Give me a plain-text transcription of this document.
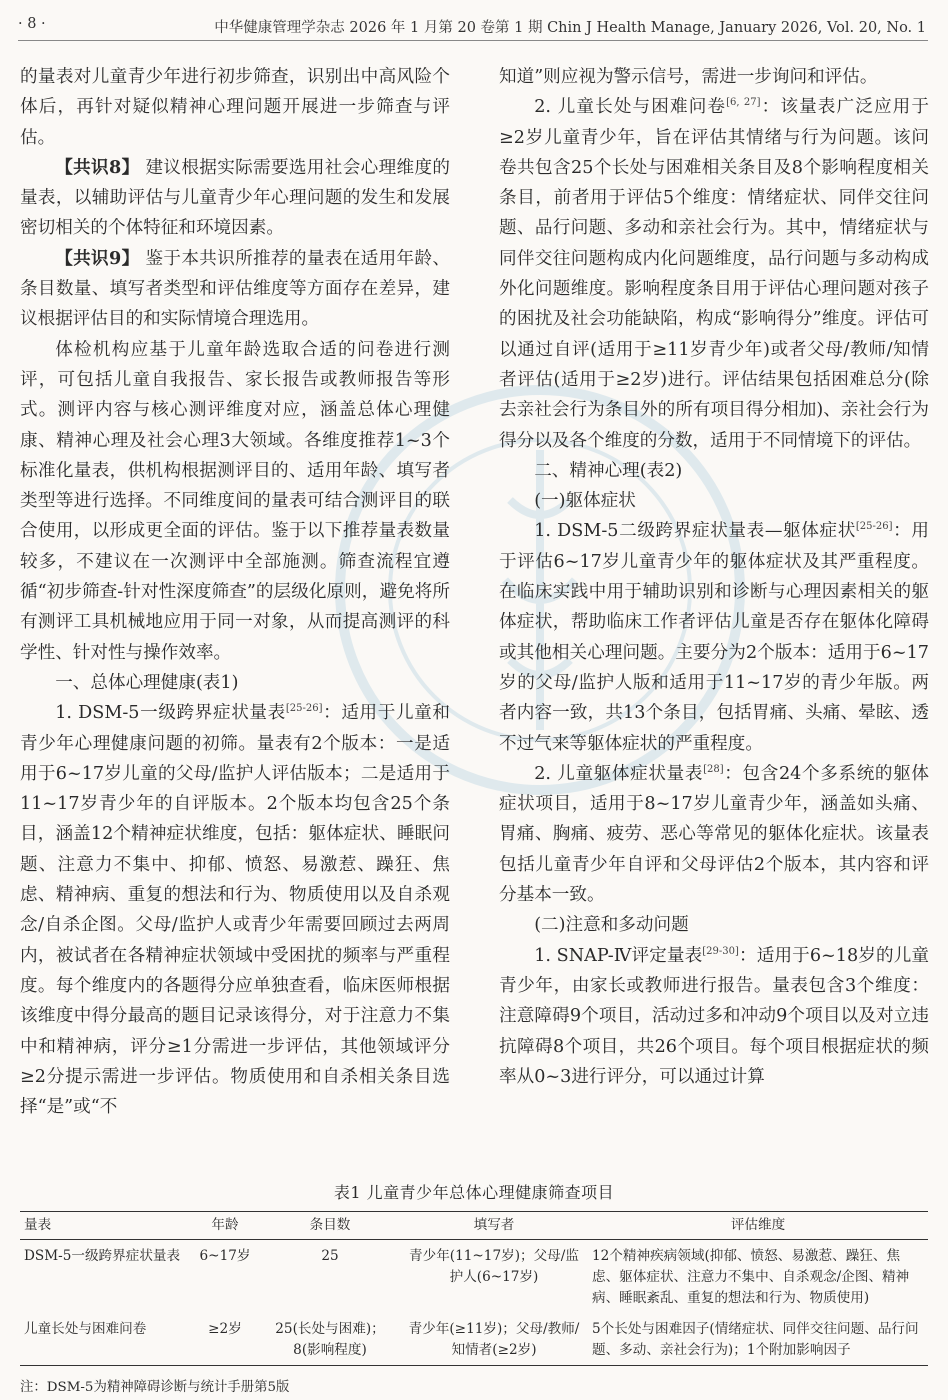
· 8 ·	中华健康管理学杂志 2026 年 1 月第 20 卷第 1 期 Chin J Health Manage, January 2026, Vol. 20, No. 1

的量表对儿童青少年进行初步筛查，识别出中高风险个体后，再针对疑似精神心理问题开展进一步筛查与评估。

【共识8】 建议根据实际需要选用社会心理维度的量表，以辅助评估与儿童青少年心理问题的发生和发展密切相关的个体特征和环境因素。

【共识9】 鉴于本共识所推荐的量表在适用年龄、条目数量、填写者类型和评估维度等方面存在差异，建议根据评估目的和实际情境合理选用。

体检机构应基于儿童年龄选取合适的问卷进行测评，可包括儿童自我报告、家长报告或教师报告等形式。测评内容与核心测评维度对应，涵盖总体心理健康、精神心理及社会心理3大领域。各维度推荐1~3个标准化量表，供机构根据测评目的、适用年龄、填写者类型等进行选择。不同维度间的量表可结合测评目的联合使用，以形成更全面的评估。鉴于以下推荐量表数量较多，不建议在一次测评中全部施测。筛查流程宜遵循“初步筛查-针对性深度筛查”的层级化原则，避免将所有测评工具机械地应用于同一对象，从而提高测评的科学性、针对性与操作效率。

一、总体心理健康(表1)

1. DSM-5一级跨界症状量表[25-26]：适用于儿童和青少年心理健康问题的初筛。量表有2个版本：一是适用于6~17岁儿童的父母/监护人评估版本；二是适用于11~17岁青少年的自评版本。2个版本均包含25个条目，涵盖12个精神症状维度，包括：躯体症状、睡眠问题、注意力不集中、抑郁、愤怒、易激惹、躁狂、焦虑、精神病、重复的想法和行为、物质使用以及自杀观念/自杀企图。父母/监护人或青少年需要回顾过去两周内，被试者在各精神症状领域中受困扰的频率与严重程度。每个维度内的各题得分应单独查看，临床医师根据该维度中得分最高的题目记录该得分，对于注意力不集中和精神病，评分≥1分需进一步评估，其他领域评分≥2分提示需进一步评估。物质使用和自杀相关条目选择“是”或“不

知道”则应视为警示信号，需进一步询问和评估。

2. 儿童长处与困难问卷[6, 27]：该量表广泛应用于≥2岁儿童青少年，旨在评估其情绪与行为问题。该问卷共包含25个长处与困难相关条目及8个影响程度相关条目，前者用于评估5个维度：情绪症状、同伴交往问题、品行问题、多动和亲社会行为。其中，情绪症状与同伴交往问题构成内化问题维度，品行问题与多动构成外化问题维度。影响程度条目用于评估心理问题对孩子的困扰及社会功能缺陷，构成“影响得分”维度。评估可以通过自评(适用于≥11岁青少年)或者父母/教师/知情者评估(适用于≥2岁)进行。评估结果包括困难总分(除去亲社会行为条目外的所有项目得分相加)、亲社会行为得分以及各个维度的分数，适用于不同情境下的评估。

二、精神心理(表2)

(一)躯体症状

1. DSM-5二级跨界症状量表—躯体症状[25-26]：用于评估6~17岁儿童青少年的躯体症状及其严重程度。在临床实践中用于辅助识别和诊断与心理因素相关的躯体症状，帮助临床工作者评估儿童是否存在躯体化障碍或其他相关心理问题。主要分为2个版本：适用于6~17岁的父母/监护人版和适用于11~17岁的青少年版。两者内容一致，共13个条目，包括胃痛、头痛、晕眩、透不过气来等躯体症状的严重程度。

2. 儿童躯体症状量表[28]：包含24个多系统的躯体症状项目，适用于8~17岁儿童青少年，涵盖如头痛、胃痛、胸痛、疲劳、恶心等常见的躯体化症状。该量表包括儿童青少年自评和父母评估2个版本，其内容和评分基本一致。

(二)注意和多动问题

1. SNAP-Ⅳ评定量表[29-30]：适用于6~18岁的儿童青少年，由家长或教师进行报告。量表包含3个维度：注意障碍9个项目，活动过多和冲动9个项目以及对立违抗障碍8个项目，共26个项目。每个项目根据症状的频率从0~3进行评分，可以通过计算

表1 儿童青少年总体心理健康筛查项目
量表	年龄	条目数	填写者	评估维度
DSM-5一级跨界症状量表	6~17岁	25	青少年(11~17岁)；父母/监护人(6~17岁)	12个精神疾病领域(抑郁、愤怒、易激惹、躁狂、焦虑、躯体症状、注意力不集中、自杀观念/企图、精神病、睡眠紊乱、重复的想法和行为、物质使用)
儿童长处与困难问卷	≥2岁	25(长处与困难)；8(影响程度)	青少年(≥11岁)；父母/教师/知情者(≥2岁)	5个长处与困难因子(情绪症状、同伴交往问题、品行问题、多动、亲社会行为)；1个附加影响因子
注：DSM-5为精神障碍诊断与统计手册第5版
